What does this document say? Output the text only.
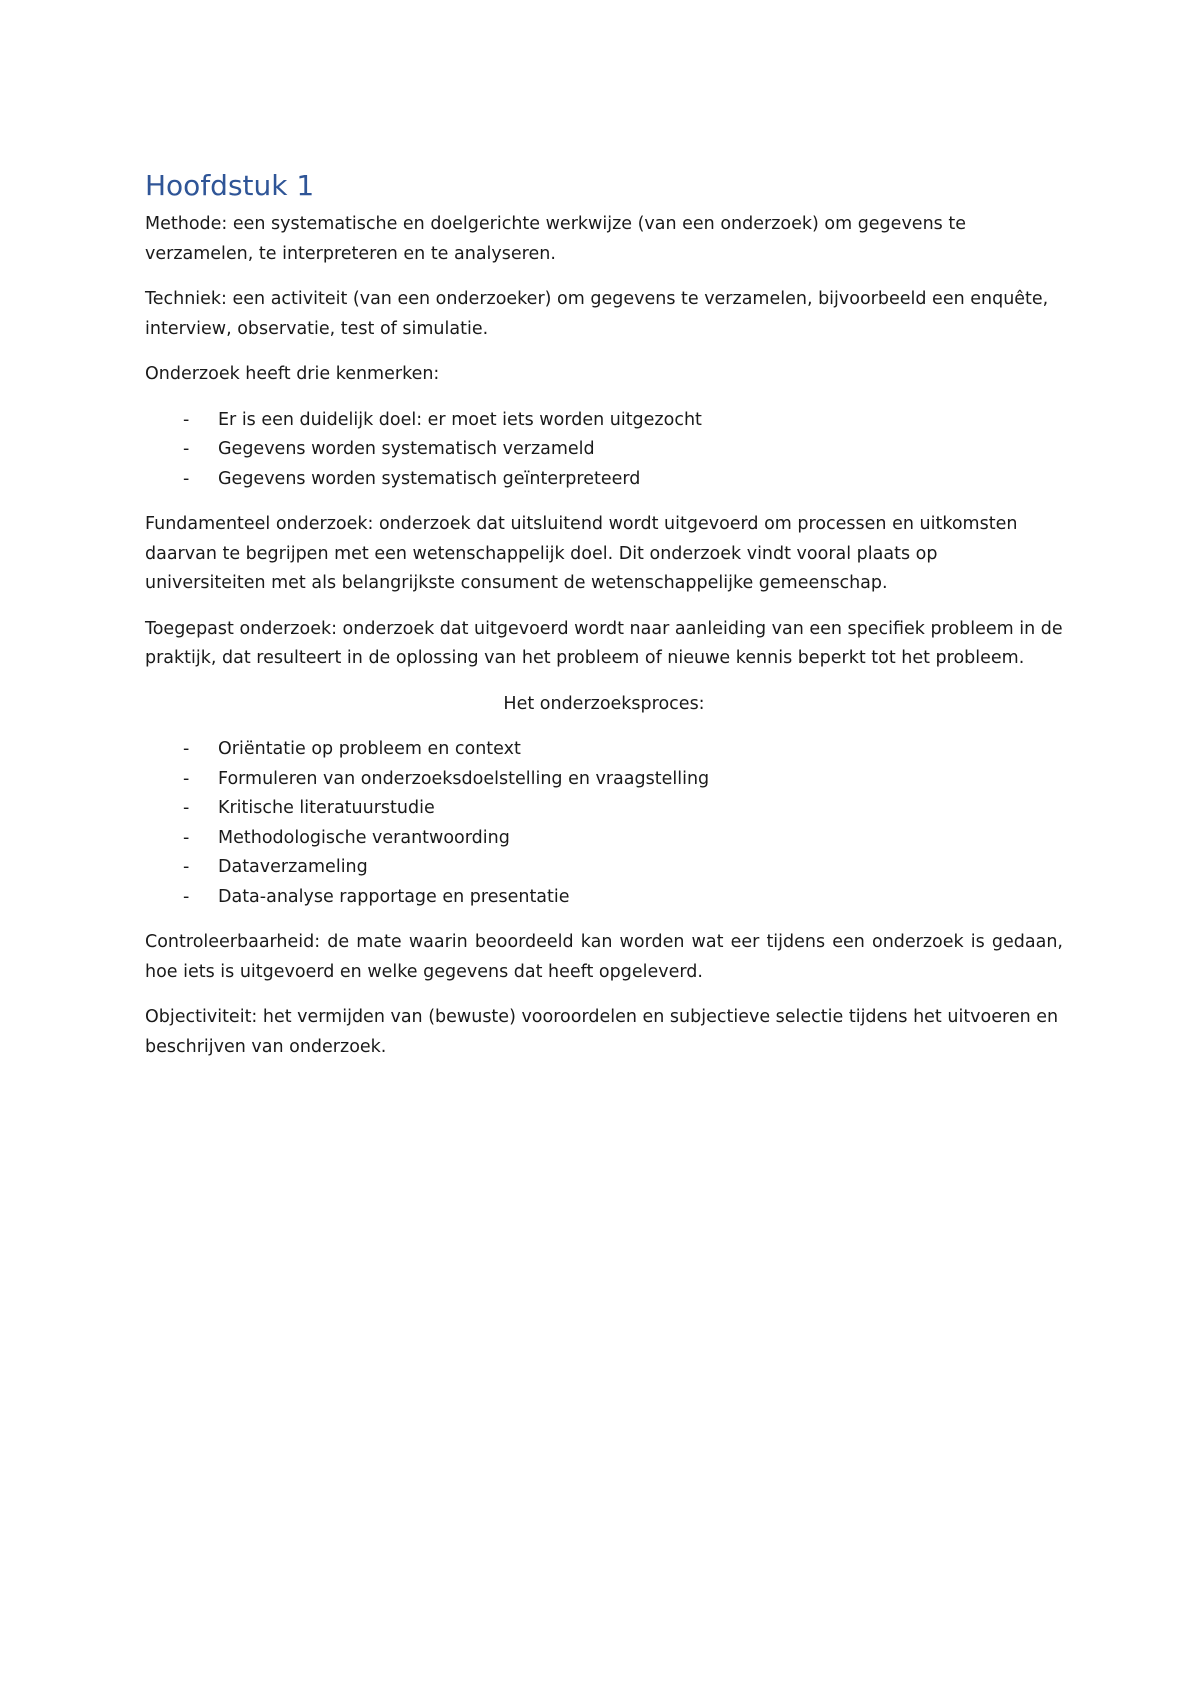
Hoofdstuk 1

Methode: een systematische en doelgerichte werkwijze (van een onderzoek) om gegevens te verzamelen, te interpreteren en te analyseren.

Techniek: een activiteit (van een onderzoeker) om gegevens te verzamelen, bijvoorbeeld een enquête, interview, observatie, test of simulatie.

Onderzoek heeft drie kenmerken:

- Er is een duidelijk doel: er moet iets worden uitgezocht
- Gegevens worden systematisch verzameld
- Gegevens worden systematisch geïnterpreteerd

Fundamenteel onderzoek: onderzoek dat uitsluitend wordt uitgevoerd om processen en uitkomsten daarvan te begrijpen met een wetenschappelijk doel. Dit onderzoek vindt vooral plaats op universiteiten met als belangrijkste consument de wetenschappelijke gemeenschap.

Toegepast onderzoek: onderzoek dat uitgevoerd wordt naar aanleiding van een specifiek probleem in de praktijk, dat resulteert in de oplossing van het probleem of nieuwe kennis beperkt tot het probleem.

Het onderzoeksproces:

- Oriëntatie op probleem en context
- Formuleren van onderzoeksdoelstelling en vraagstelling
- Kritische literatuurstudie
- Methodologische verantwoording
- Dataverzameling
- Data-analyse rapportage en presentatie

Controleerbaarheid: de mate waarin beoordeeld kan worden wat eer tijdens een onderzoek is gedaan, hoe iets is uitgevoerd en welke gegevens dat heeft opgeleverd.

Objectiviteit: het vermijden van (bewuste) vooroordelen en subjectieve selectie tijdens het uitvoeren en beschrijven van onderzoek.
